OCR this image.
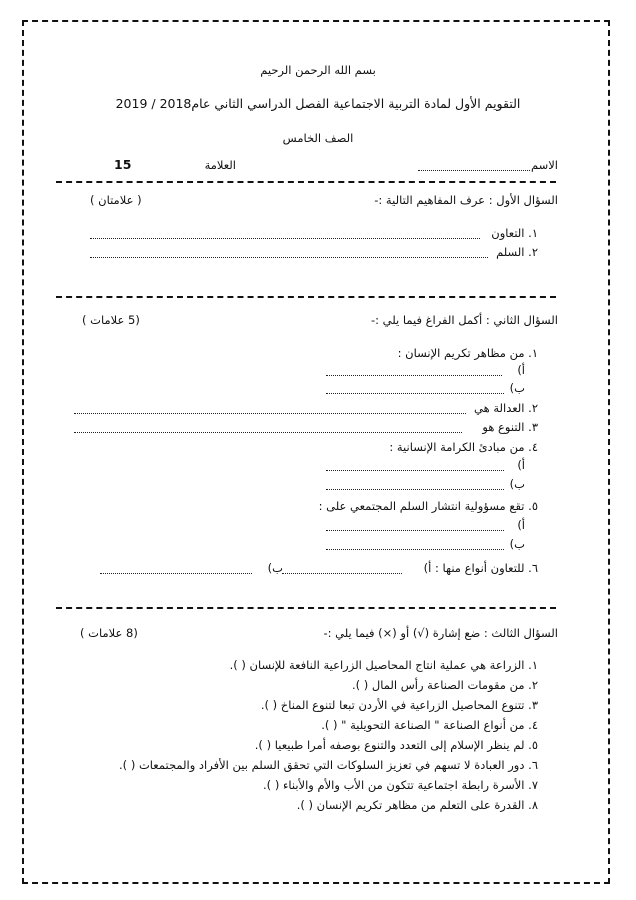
بسم الله الرحمن الرحيم
التقويم الأول لمادة التربية الاجتماعية الفصل الدراسي الثاني عام2018 / 2019
الصف الخامس
الاسم
العلامة
15
السؤال الأول : عرف المفاهيم التالية :-
( علامتان )
١. التعاون
٢. السلم
السؤال الثاني : أكمل الفراغ فيما يلي :-
(5 علامات )
١. من مظاهر تكريم الإنسان :
أ)
ب)
٢. العدالة هي
٣. التنوع هو
٤. من مبادئ الكرامة الإنسانية :
أ)
ب)
٥. تقع مسؤولية انتشار السلم المجتمعي على :
أ)
ب)
٦. للتعاون أنواع منها : أ)
ب)
السؤال الثالث : ضع إشارة (√) أو (×) فيما يلي :-
(8 علامات )
١. الزراعة هي عملية انتاج المحاصيل الزراعية النافعة للإنسان ( ).
٢. من مقومات الصناعة رأس المال ( ).
٣. تتنوع المحاصيل الزراعية في الأردن تبعا لتنوع المناخ ( ).
٤. من أنواع الصناعة " الصناعة التحويلية " ( ).
٥. لم ينظر الإسلام إلى التعدد والتنوع بوصفه أمرا طبيعيا ( ).
٦. دور العبادة لا تسهم في تعزيز السلوكات التي تحقق السلم بين الأفراد والمجتمعات ( ).
٧. الأسرة رابطة اجتماعية تتكون من الأب والأم والأبناء ( ).
٨. القدرة على التعلم من مظاهر تكريم الإنسان ( ).
